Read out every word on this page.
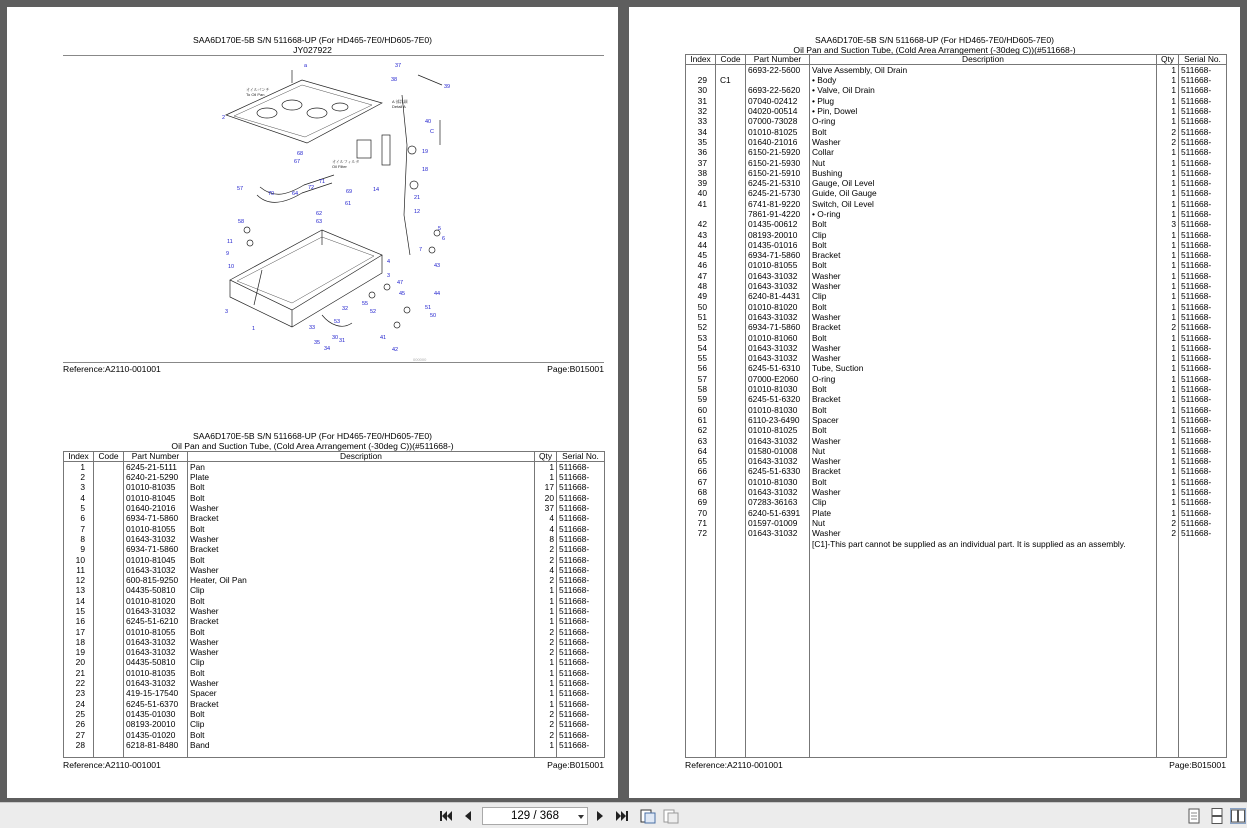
SAA6D170E-5B S/N 511668-UP (For HD465-7E0/HD605-7E0)
JY027922
2
a	37
38
39
40
C
68
67
19
18
71
72
69
61
57
58
70	64
62
63
14
21
12
5
6
7
11
9
10
47
45
43
4
3
44
32
55
52
53
33
30
35
34
31	41
42
50
51
3
1
オイルパンチ
To Oil Pan
オイルフィルタ
Oil Filter
A 部詳細
Detail A
000000
Reference:A2110-001001	Page:B015001
SAA6D170E-5B S/N 511668-UP (For HD465-7E0/HD605-7E0)
Oil Pan and Suction Tube, (Cold Area Arrangement (-30deg C))(#511668-)
Index	Code	Part Number	Description	Qty	Serial No.
1		6245-21-5111	Pan	1	511668-
2		6240-21-5290	Plate	1	511668-
3		01010-81035	Bolt	17	511668-
4		01010-81045	Bolt	20	511668-
5		01640-21016	Washer	37	511668-
6		6934-71-5860	Bracket	4	511668-
7		01010-81055	Bolt	4	511668-
8		01643-31032	Washer	8	511668-
9		6934-71-5860	Bracket	2	511668-
10		01010-81045	Bolt	2	511668-
11		01643-31032	Washer	4	511668-
12		600-815-9250	Heater, Oil Pan	2	511668-
13		04435-50810	Clip	1	511668-
14		01010-81020	Bolt	1	511668-
15		01643-31032	Washer	1	511668-
16		6245-51-6210	Bracket	1	511668-
17		01010-81055	Bolt	2	511668-
18		01643-31032	Washer	2	511668-
19		01643-31032	Washer	2	511668-
20		04435-50810	Clip	1	511668-
21		01010-81035	Bolt	1	511668-
22		01643-31032	Washer	1	511668-
23		419-15-17540	Spacer	1	511668-
24		6245-51-6370	Bracket	1	511668-
25		01435-01030	Bolt	2	511668-
26		08193-20010	Clip	2	511668-
27		01435-01020	Bolt	2	511668-
28		6218-81-8480	Band	1	511668-

Reference:A2110-001001	Page:B015001
SAA6D170E-5B S/N 511668-UP (For HD465-7E0/HD605-7E0)
Oil Pan and Suction Tube, (Cold Area Arrangement (-30deg C))(#511668-)
Index	Code	Part Number	Description	Qty	Serial No.
		6693-22-5600	Valve Assembly, Oil Drain	1	511668-
29	C1		• Body	1	511668-
30		6693-22-5620	• Valve, Oil Drain	1	511668-
31		07040-02412	• Plug	1	511668-
32		04020-00514	• Pin, Dowel	1	511668-
33		07000-73028	O-ring	1	511668-
34		01010-81025	Bolt	2	511668-
35		01640-21016	Washer	2	511668-
36		6150-21-5920	Collar	1	511668-
37		6150-21-5930	Nut	1	511668-
38		6150-21-5910	Bushing	1	511668-
39		6245-21-5310	Gauge, Oil Level	1	511668-
40		6245-21-5730	Guide, Oil Gauge	1	511668-
41		6741-81-9220	Switch, Oil Level	1	511668-
		7861-91-4220	• O-ring	1	511668-
42		01435-00612	Bolt	3	511668-
43		08193-20010	Clip	1	511668-
44		01435-01016	Bolt	1	511668-
45		6934-71-5860	Bracket	1	511668-
46		01010-81055	Bolt	1	511668-
47		01643-31032	Washer	1	511668-
48		01643-31032	Washer	1	511668-
49		6240-81-4431	Clip	1	511668-
50		01010-81020	Bolt	1	511668-
51		01643-31032	Washer	1	511668-
52		6934-71-5860	Bracket	2	511668-
53		01010-81060	Bolt	1	511668-
54		01643-31032	Washer	1	511668-
55		01643-31032	Washer	1	511668-
56		6245-51-6310	Tube, Suction	1	511668-
57		07000-E2060	O-ring	1	511668-
58		01010-81030	Bolt	1	511668-
59		6245-51-6320	Bracket	1	511668-
60		01010-81030	Bolt	1	511668-
61		6110-23-6490	Spacer	1	511668-
62		01010-81025	Bolt	1	511668-
63		01643-31032	Washer	1	511668-
64		01580-01008	Nut	1	511668-
65		01643-31032	Washer	1	511668-
66		6245-51-6330	Bracket	1	511668-
67		01010-81030	Bolt	1	511668-
68		01643-31032	Washer	1	511668-
69		07283-36163	Clip	1	511668-
70		6240-51-6391	Plate	1	511668-
71		01597-01009	Nut	2	511668-
72		01643-31032	Washer	2	511668-
			[C1]-This part cannot be supplied as an individual part. It is supplied as an assembly.		

Reference:A2110-001001	Page:B015001
129 / 368
